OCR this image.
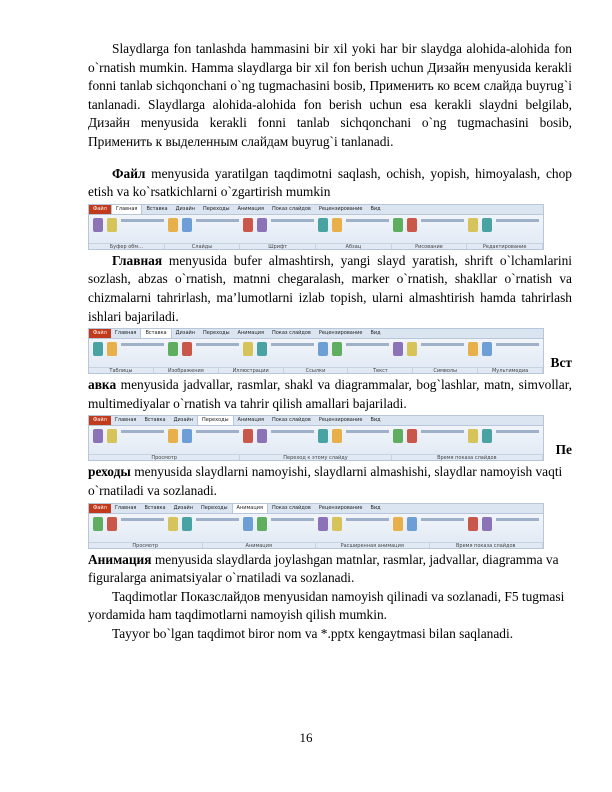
Slaydlarga fon tanlashda hammasini bir xil yoki har bir slaydga alohida-alohida fon o`rnatish mumkin. Hamma slaydlarga bir xil fon berish uchun Дизайн menyusida kerakli fonni tanlab sichqonchani o`ng tugmachasini bosib, Применить ко всем слайда buyrug`i tanlanadi. Slaydlarga alohida-alohida fon berish uchun esa kerakli slaydni belgilab, Дизайн menyusida kerakli fonni tanlab sichqonchani o`ng tugmachasini bosib, Применить к выделенным слайдам buyrug`i tanlanadi.

Файл menyusida yaratilgan taqdimotni saqlash, ochish, yopish, himoyalash, chop etish va ko`rsatkichlarni o`zgartirish mumkin

Файл	Главная	Вставка	Дизайн	Переходы	Анимация	Показ слайдов	Рецензирование	Вид
Буфер обм...	Слайды	Шрифт	Абзац	Рисование	Редактирование

Главная menyusida bufer almashtirsh, yangi slayd yaratish, shrift o`lchamlarini sozlash, abzas o`rnatish, matnni chegaralash, marker o`rnatish, shakllar o`rnatish va chizmalarni tahrirlash, ma’lumotlarni izlab topish, ularni almashtirish hamda tahrirlash ishlari bajariladi.

Файл	Главная	Вставка	Дизайн	Переходы	Анимация	Показ слайдов	Рецензирование	Вид
Таблицы	Изображения	Иллюстрации	Ссылки	Текст	Символы	Мультимедиа
Вст

авка menyusida jadvallar, rasmlar, shakl va diagrammalar, bog`lashlar, matn, simvollar, multimediyalar o`rnatish va tahrir qilish amallari bajariladi.

Файл	Главная	Вставка	Дизайн	Переходы	Анимация	Показ слайдов	Рецензирование	Вид
Просмотр	Переход к этому слайду	Время показа слайдов
Пе

реходы menyusida slaydlarni namoyishi, slaydlarni almashishi, slaydlar namoyish vaqti o`rnatiladi va sozlanadi.

Файл	Главная	Вставка	Дизайн	Переходы	Анимация	Показ слайдов	Рецензирование	Вид
Просмотр	Анимация	Расширенная анимация	Время показа слайдов

Анимация menyusida slaydlarda joylashgan matnlar, rasmlar, jadvallar, diagramma va figuralarga animatsiyalar o`rnatiladi va sozlanadi.

Taqdimotlar Показслайдов menyusidan namoyish qilinadi va sozlanadi, F5 tugmasi yordamida ham taqdimotlarni namoyish qilish mumkin.

Tayyor bo`lgan taqdimot biror nom va *.pptx kengaytmasi bilan saqlanadi.

16
